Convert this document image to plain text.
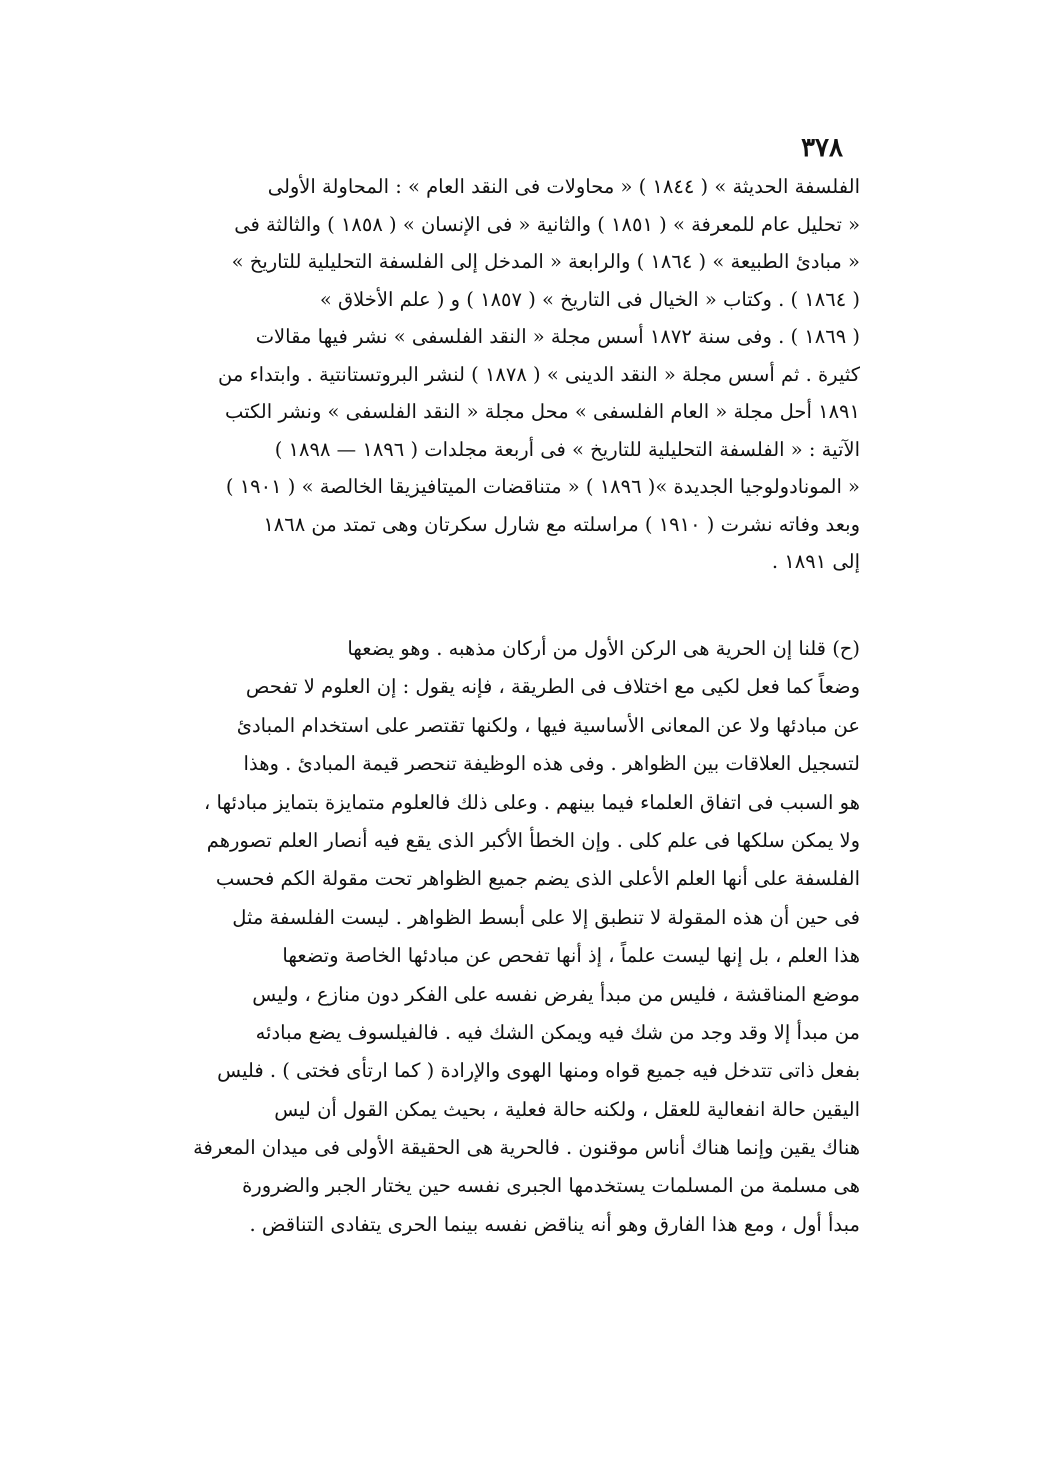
٣٧٨
الفلسفة الحديثة » ( ١٨٤٤ ) « محاولات فى النقد العام » : المحاولة الأولى
« تحليل عام للمعرفة » ( ١٨٥١ ) والثانية « فى الإنسان » ( ١٨٥٨ ) والثالثة فى
« مبادئ الطبيعة » ( ١٨٦٤ ) والرابعة « المدخل إلى الفلسفة التحليلية للتاريخ »
( ١٨٦٤ ) . وكتاب « الخيال فى التاريخ » ( ١٨٥٧ ) و ( علم الأخلاق »
( ١٨٦٩ ) . وفى سنة ١٨٧٢ أسس مجلة « النقد الفلسفى » نشر فيها مقالات
كثيرة . ثم أسس مجلة « النقد الدينى » ( ١٨٧٨ ) لنشر البروتستانتية . وابتداء من
١٨٩١ أحل مجلة « العام الفلسفى » محل مجلة « النقد الفلسفى » ونشر الكتب
الآتية : « الفلسفة التحليلية للتاريخ » فى أربعة مجلدات ( ١٨٩٦ — ١٨٩٨ )
« المونادولوجيا الجديدة »( ١٨٩٦ ) « متناقضات الميتافيزيقا الخالصة » ( ١٩٠١ )
وبعد وفاته نشرت ( ١٩١٠ ) مراسلته مع شارل سكرتان وهى تمتد من ١٨٦٨
إلى ١٨٩١ .
(ح) قلنا إن الحرية هى الركن الأول من أركان مذهبه . وهو يضعها
وضعاً كما فعل لكيى مع اختلاف فى الطريقة ، فإنه يقول : إن العلوم لا تفحص
عن مبادئها ولا عن المعانى الأساسية فيها ، ولكنها تقتصر على استخدام المبادئ
لتسجيل العلاقات بين الظواهر . وفى هذه الوظيفة تنحصر قيمة المبادئ . وهذا
هو السبب فى اتفاق العلماء فيما بينهم . وعلى ذلك فالعلوم متمايزة بتمايز مبادئها ،
ولا يمكن سلكها فى علم كلى . وإن الخطأ الأكبر الذى يقع فيه أنصار العلم تصورهم
الفلسفة على أنها العلم الأعلى الذى يضم جميع الظواهر تحت مقولة الكم فحسب
فى حين أن هذه المقولة لا تنطبق إلا على أبسط الظواهر . ليست الفلسفة مثل
هذا العلم ، بل إنها ليست علماً ، إذ أنها تفحص عن مبادئها الخاصة وتضعها
موضع المناقشة ، فليس من مبدأ يفرض نفسه على الفكر دون منازع ، وليس
من مبدأ إلا وقد وجد من شك فيه ويمكن الشك فيه . فالفيلسوف يضع مبادئه
بفعل ذاتى تتدخل فيه جميع قواه ومنها الهوى والإرادة ( كما ارتأى فختى ) . فليس
اليقين حالة انفعالية للعقل ، ولكنه حالة فعلية ، بحيث يمكن القول أن ليس
هناك يقين وإنما هناك أناس موقنون . فالحرية هى الحقيقة الأولى فى ميدان المعرفة
هى مسلمة من المسلمات يستخدمها الجبرى نفسه حين يختار الجبر والضرورة
مبدأ أول ، ومع هذا الفارق وهو أنه يناقض نفسه بينما الحرى يتفادى التناقض .
